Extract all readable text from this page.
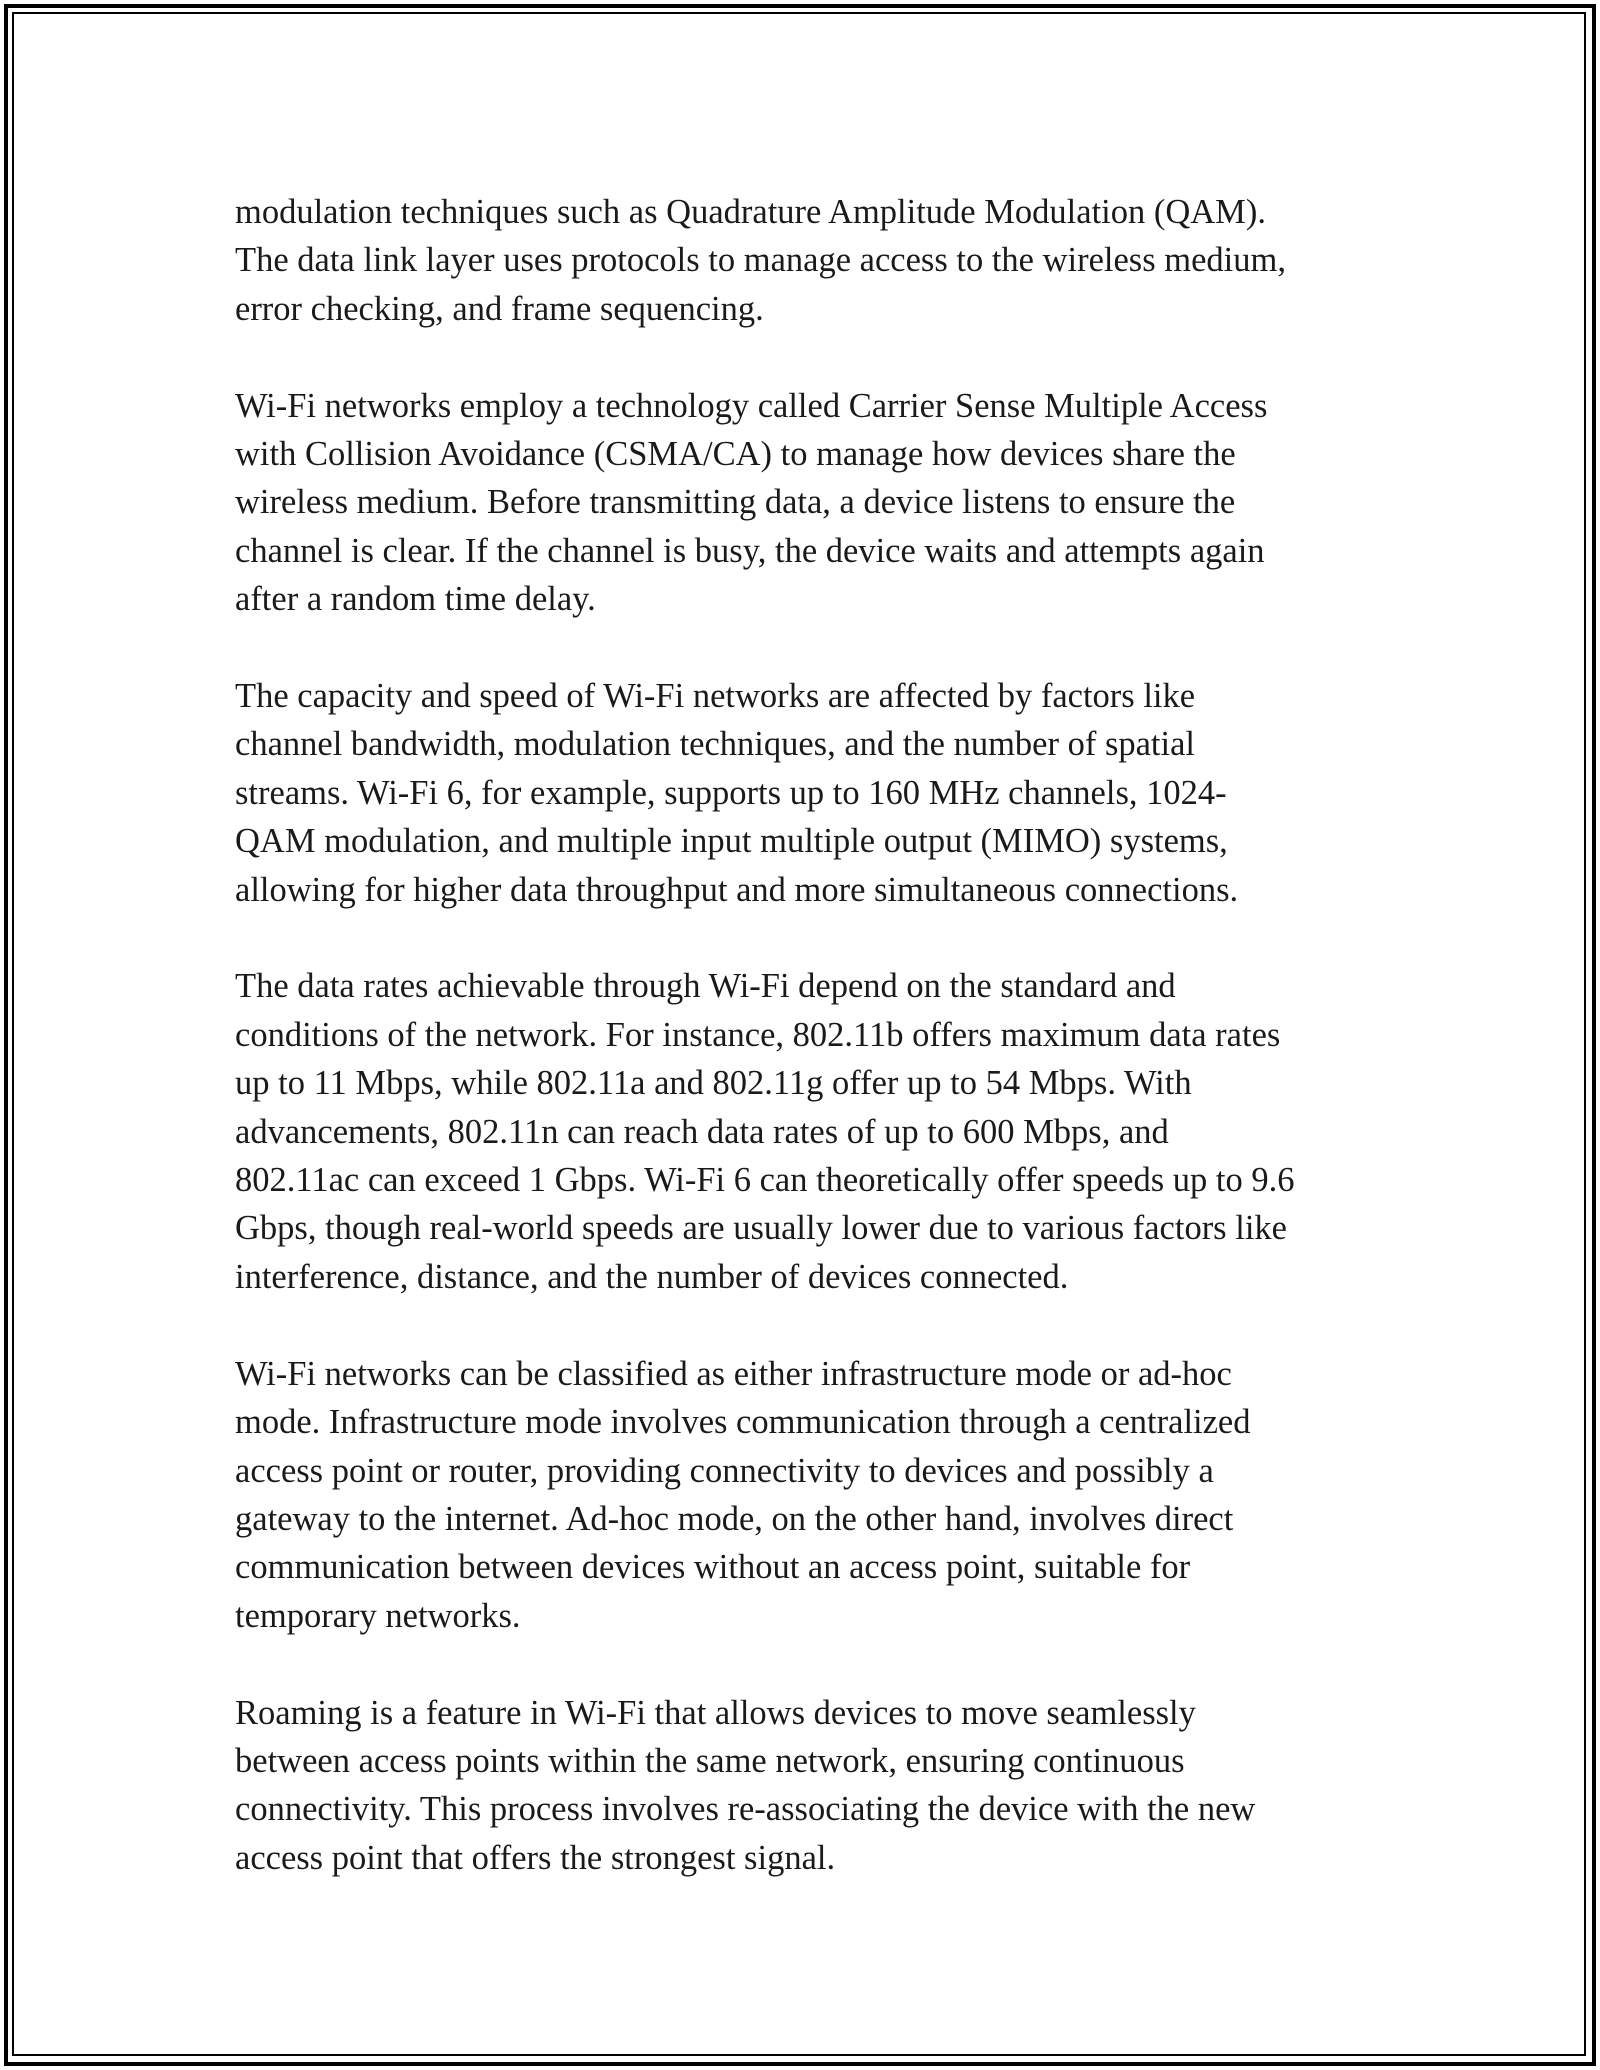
modulation techniques such as Quadrature Amplitude Modulation (QAM).
The data link layer uses protocols to manage access to the wireless medium,
error checking, and frame sequencing.

Wi-Fi networks employ a technology called Carrier Sense Multiple Access
with Collision Avoidance (CSMA/CA) to manage how devices share the
wireless medium. Before transmitting data, a device listens to ensure the
channel is clear. If the channel is busy, the device waits and attempts again
after a random time delay.

The capacity and speed of Wi-Fi networks are affected by factors like
channel bandwidth, modulation techniques, and the number of spatial
streams. Wi-Fi 6, for example, supports up to 160 MHz channels, 1024-
QAM modulation, and multiple input multiple output (MIMO) systems,
allowing for higher data throughput and more simultaneous connections.

The data rates achievable through Wi-Fi depend on the standard and
conditions of the network. For instance, 802.11b offers maximum data rates
up to 11 Mbps, while 802.11a and 802.11g offer up to 54 Mbps. With
advancements, 802.11n can reach data rates of up to 600 Mbps, and
802.11ac can exceed 1 Gbps. Wi-Fi 6 can theoretically offer speeds up to 9.6
Gbps, though real-world speeds are usually lower due to various factors like
interference, distance, and the number of devices connected.

Wi-Fi networks can be classified as either infrastructure mode or ad-hoc
mode. Infrastructure mode involves communication through a centralized
access point or router, providing connectivity to devices and possibly a
gateway to the internet. Ad-hoc mode, on the other hand, involves direct
communication between devices without an access point, suitable for
temporary networks.

Roaming is a feature in Wi-Fi that allows devices to move seamlessly
between access points within the same network, ensuring continuous
connectivity. This process involves re-associating the device with the new
access point that offers the strongest signal.
